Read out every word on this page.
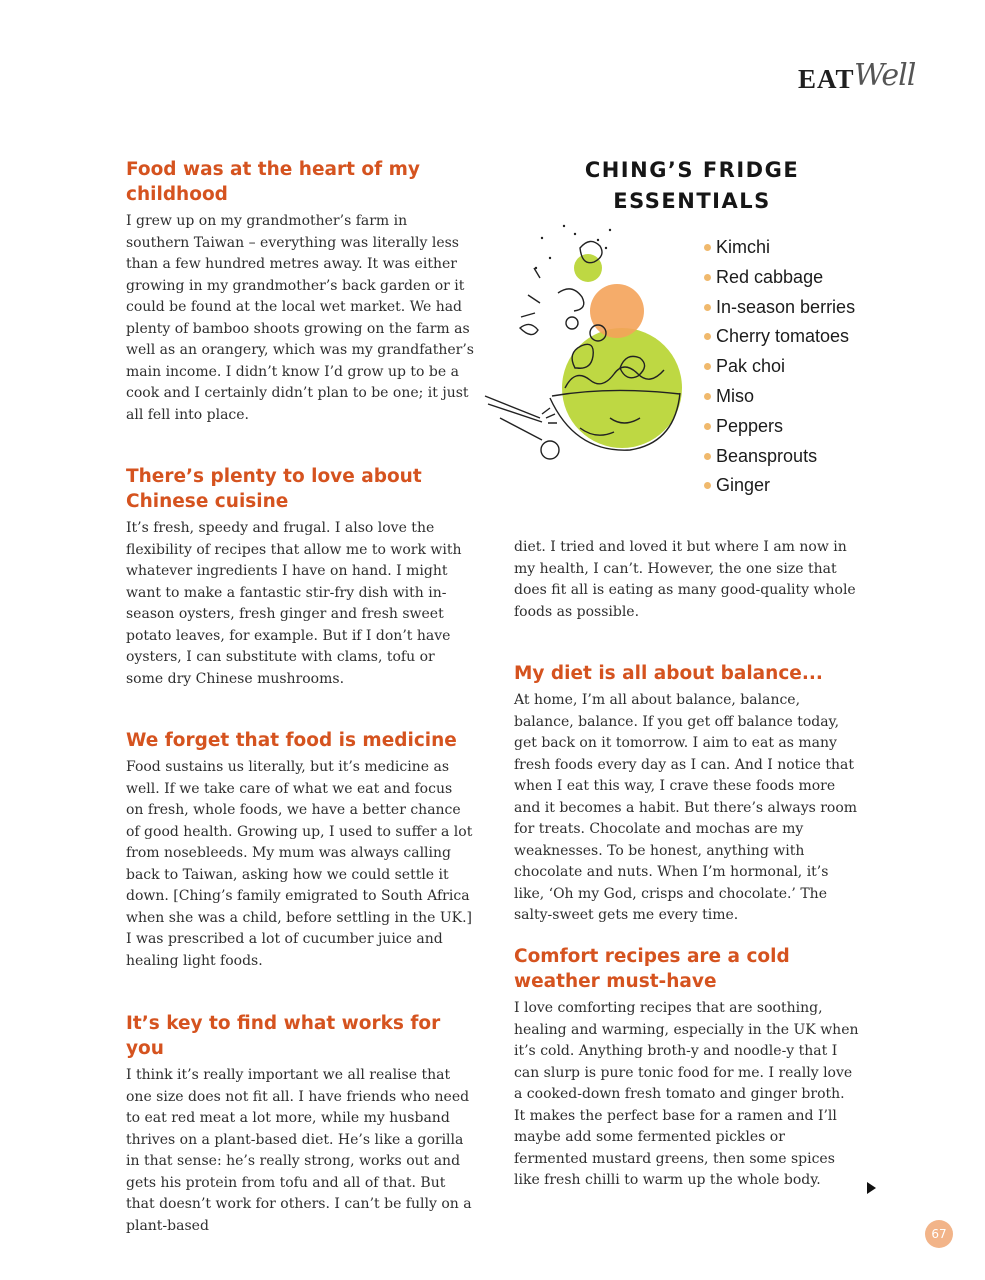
EAT Well
Food was at the heart of my
childhood

I grew up on my grandmother’s farm in southern Taiwan – everything was literally less than a few hundred metres away. It was either growing in my grandmother’s back garden or it could be found at the local wet market. We had plenty of bamboo shoots growing on the farm as well as an orangery, which was my grandfather’s main income. I didn’t know I’d grow up to be a cook and I certainly didn’t plan to be one; it just all fell into place.

There’s plenty to love about
Chinese cuisine

It’s fresh, speedy and frugal. I also love the flexibility of recipes that allow me to work with whatever ingredients I have on hand. I might want to make a fantastic stir-fry dish with in-season oysters, fresh ginger and fresh sweet potato leaves, for example. But if I don’t have oysters, I can substitute with clams, tofu or some dry Chinese mushrooms.

We forget that food is medicine

Food sustains us literally, but it’s medicine as well. If we take care of what we eat and focus on fresh, whole foods, we have a better chance of good health. Growing up, I used to suffer a lot from nosebleeds. My mum was always calling back to Taiwan, asking how we could settle it down. [Ching’s family emigrated to South Africa when she was a child, before settling in the UK.] I was prescribed a lot of cucumber juice and healing light foods.

It’s key to find what works for you

I think it’s really important we all realise that one size does not fit all. I have friends who need to eat red meat a lot more, while my husband thrives on a plant-based diet. He’s like a gorilla in that sense: he’s really strong, works out and gets his protein from tofu and all of that. But that doesn’t work for others. I can’t be fully on a plant-based

CHING’S FRIDGE
ESSENTIALS
Kimchi
Red cabbage
In-season berries
Cherry tomatoes
Pak choi
Miso
Peppers
Beansprouts
Ginger

diet. I tried and loved it but where I am now in my health, I can’t. However, the one size that does fit all is eating as many good-quality whole foods as possible.

My diet is all about balance...

At home, I’m all about balance, balance, balance, balance. If you get off balance today, get back on it tomorrow. I aim to eat as many fresh foods every day as I can. And I notice that when I eat this way, I crave these foods more and it becomes a habit. But there’s always room for treats. Chocolate and mochas are my weaknesses. To be honest, anything with chocolate and nuts. When I’m hormonal, it’s like, ‘Oh my God, crisps and chocolate.’ The salty-sweet gets me every time.

Comfort recipes are a cold
weather must-have

I love comforting recipes that are soothing, healing and warming, especially in the UK when it’s cold. Anything broth-y and noodle-y that I can slurp is pure tonic food for me. I really love a cooked-down fresh tomato and ginger broth. It makes the perfect base for a ramen and I’ll maybe add some fermented pickles or fermented mustard greens, then some spices like fresh chilli to warm up the whole body.

67
